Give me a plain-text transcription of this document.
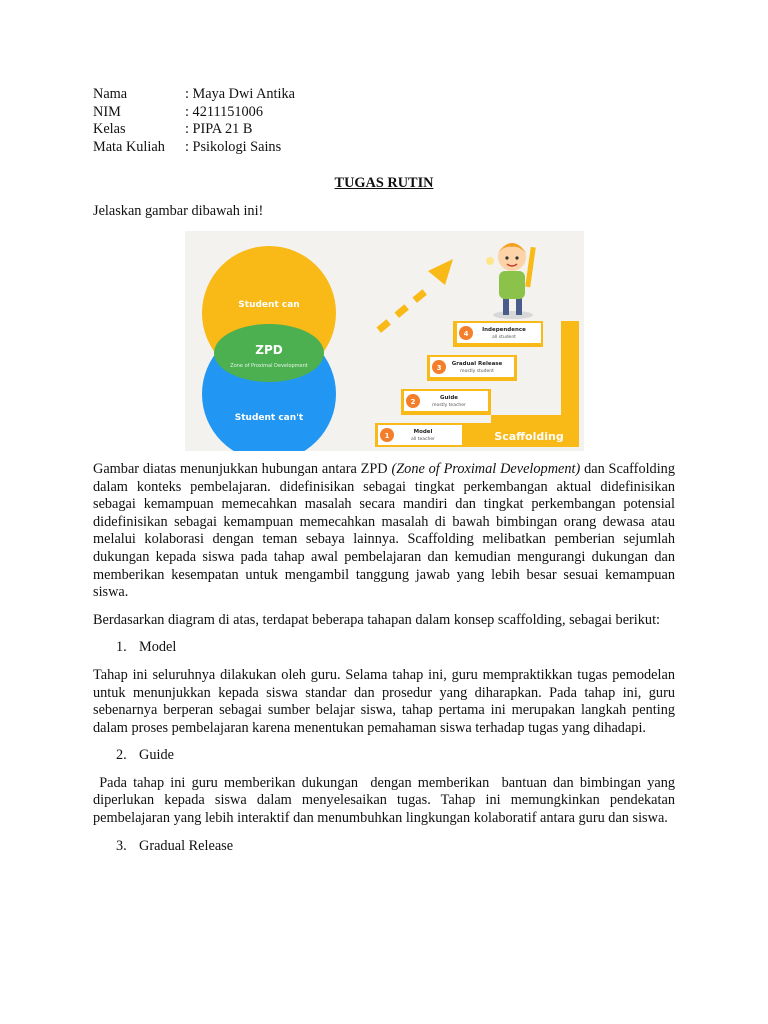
Nama	: Maya Dwi Antika
NIM	: 4211151006
Kelas	: PIPA 21 B
Mata Kuliah	: Psikologi Sains
TUGAS RUTIN
Jelaskan gambar dibawah ini!
Student can
ZPD
Zone of Proximal Development
Student can't
1	Model
all teacher
2	Guide
mostly teacher
3 Gradual Release
mostly student
4 Independence
all student
Scaffolding

Gambar diatas menunjukkan hubungan antara ZPD (Zone of Proximal Development) dan Scaffolding dalam konteks pembelajaran. didefinisikan sebagai tingkat perkembangan aktual didefinisikan sebagai kemampuan memecahkan masalah secara mandiri dan tingkat perkembangan potensial didefinisikan sebagai kemampuan memecahkan masalah di bawah bimbingan orang dewasa atau melalui kolaborasi dengan teman sebaya lainnya. Scaffolding melibatkan pemberian sejumlah dukungan kepada siswa pada tahap awal pembelajaran dan kemudian mengurangi dukungan dan memberikan kesempatan untuk mengambil tanggung jawab yang lebih besar sesuai kemampuan siswa.

Berdasarkan diagram di atas, terdapat beberapa tahapan dalam konsep scaffolding, sebagai berikut:

1. Model

Tahap ini seluruhnya dilakukan oleh guru. Selama tahap ini, guru mempraktikkan tugas pemodelan untuk menunjukkan kepada siswa standar dan prosedur yang diharapkan. Pada tahap ini, guru sebenarnya berperan sebagai sumber belajar siswa, tahap pertama ini merupakan langkah penting dalam proses pembelajaran karena menentukan pemahaman siswa terhadap tugas yang dihadapi.

2. Guide

Pada tahap ini guru memberikan dukungan  dengan memberikan  bantuan dan bimbingan yang diperlukan kepada siswa dalam menyelesaikan tugas. Tahap ini memungkinkan pendekatan pembelajaran yang lebih interaktif dan menumbuhkan lingkungan kolaboratif antara guru dan siswa.

3. Gradual Release
